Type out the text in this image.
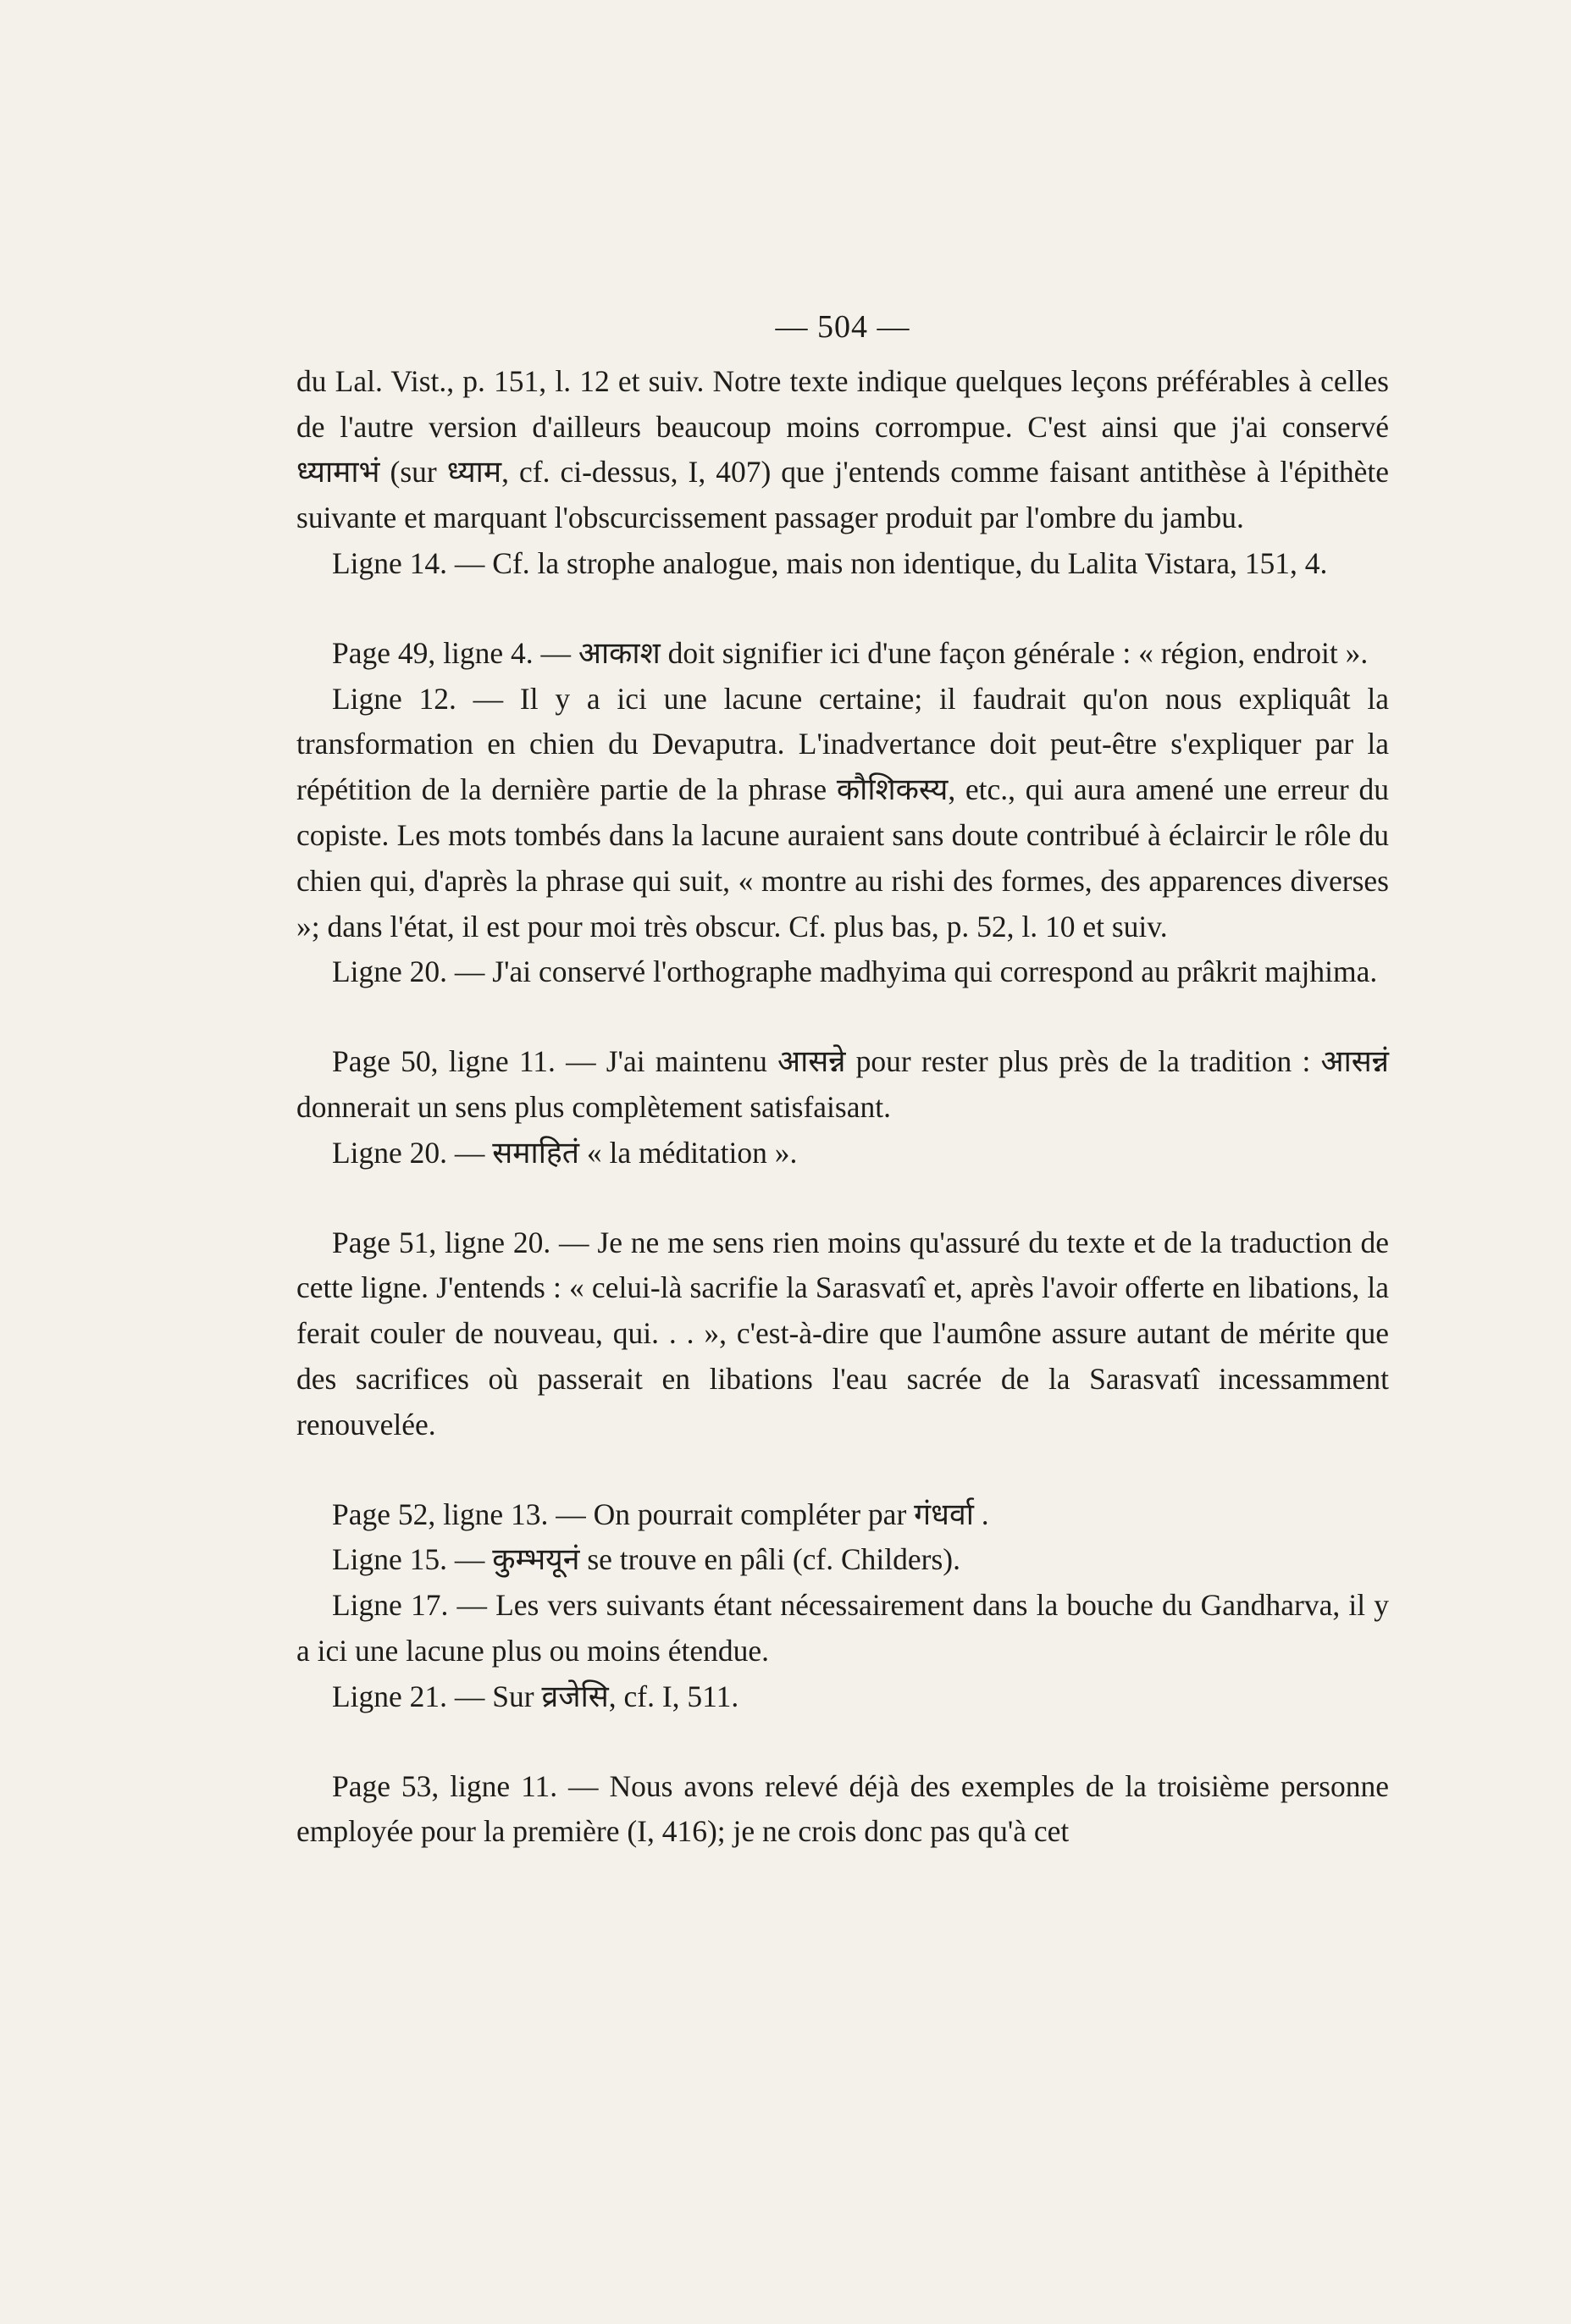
— 504 —

du Lal. Vist., p. 151, l. 12 et suiv. Notre texte indique quelques leçons préférables à celles de l'autre version d'ailleurs beaucoup moins corrompue. C'est ainsi que j'ai conservé ध्यामाभं (sur ध्याम, cf. ci-dessus, I, 407) que j'entends comme faisant antithèse à l'épithète suivante et marquant l'obscurcissement passager produit par l'ombre du jambu.

Ligne 14. — Cf. la strophe analogue, mais non identique, du Lalita Vistara, 151, 4.

Page 49, ligne 4. — आकाश doit signifier ici d'une façon générale : « région, endroit ».

Ligne 12. — Il y a ici une lacune certaine; il faudrait qu'on nous expliquât la transformation en chien du Devaputra. L'inadvertance doit peut-être s'expliquer par la répétition de la dernière partie de la phrase कौशिकस्य, etc., qui aura amené une erreur du copiste. Les mots tombés dans la lacune auraient sans doute contribué à éclaircir le rôle du chien qui, d'après la phrase qui suit, « montre au rishi des formes, des apparences diverses »; dans l'état, il est pour moi très obscur. Cf. plus bas, p. 52, l. 10 et suiv.

Ligne 20. — J'ai conservé l'orthographe madhyima qui correspond au prâkrit majhima.

Page 50, ligne 11. — J'ai maintenu आसन्ने pour rester plus près de la tradition : आसन्नं donnerait un sens plus complètement satisfaisant.

Ligne 20. — समाहितं « la méditation ».

Page 51, ligne 20. — Je ne me sens rien moins qu'assuré du texte et de la traduction de cette ligne. J'entends : « celui-là sacrifie la Sarasvatî et, après l'avoir offerte en libations, la ferait couler de nouveau, qui. . . », c'est-à-dire que l'aumône assure autant de mérite que des sacrifices où passerait en libations l'eau sacrée de la Sarasvatî incessamment renouvelée.

Page 52, ligne 13. — On pourrait compléter par गंधर्वा .

Ligne 15. — कुम्भयूनं se trouve en pâli (cf. Childers).

Ligne 17. — Les vers suivants étant nécessairement dans la bouche du Gandharva, il y a ici une lacune plus ou moins étendue.

Ligne 21. — Sur व्रजेसि, cf. I, 511.

Page 53, ligne 11. — Nous avons relevé déjà des exemples de la troisième personne employée pour la première (I, 416); je ne crois donc pas qu'à cet
